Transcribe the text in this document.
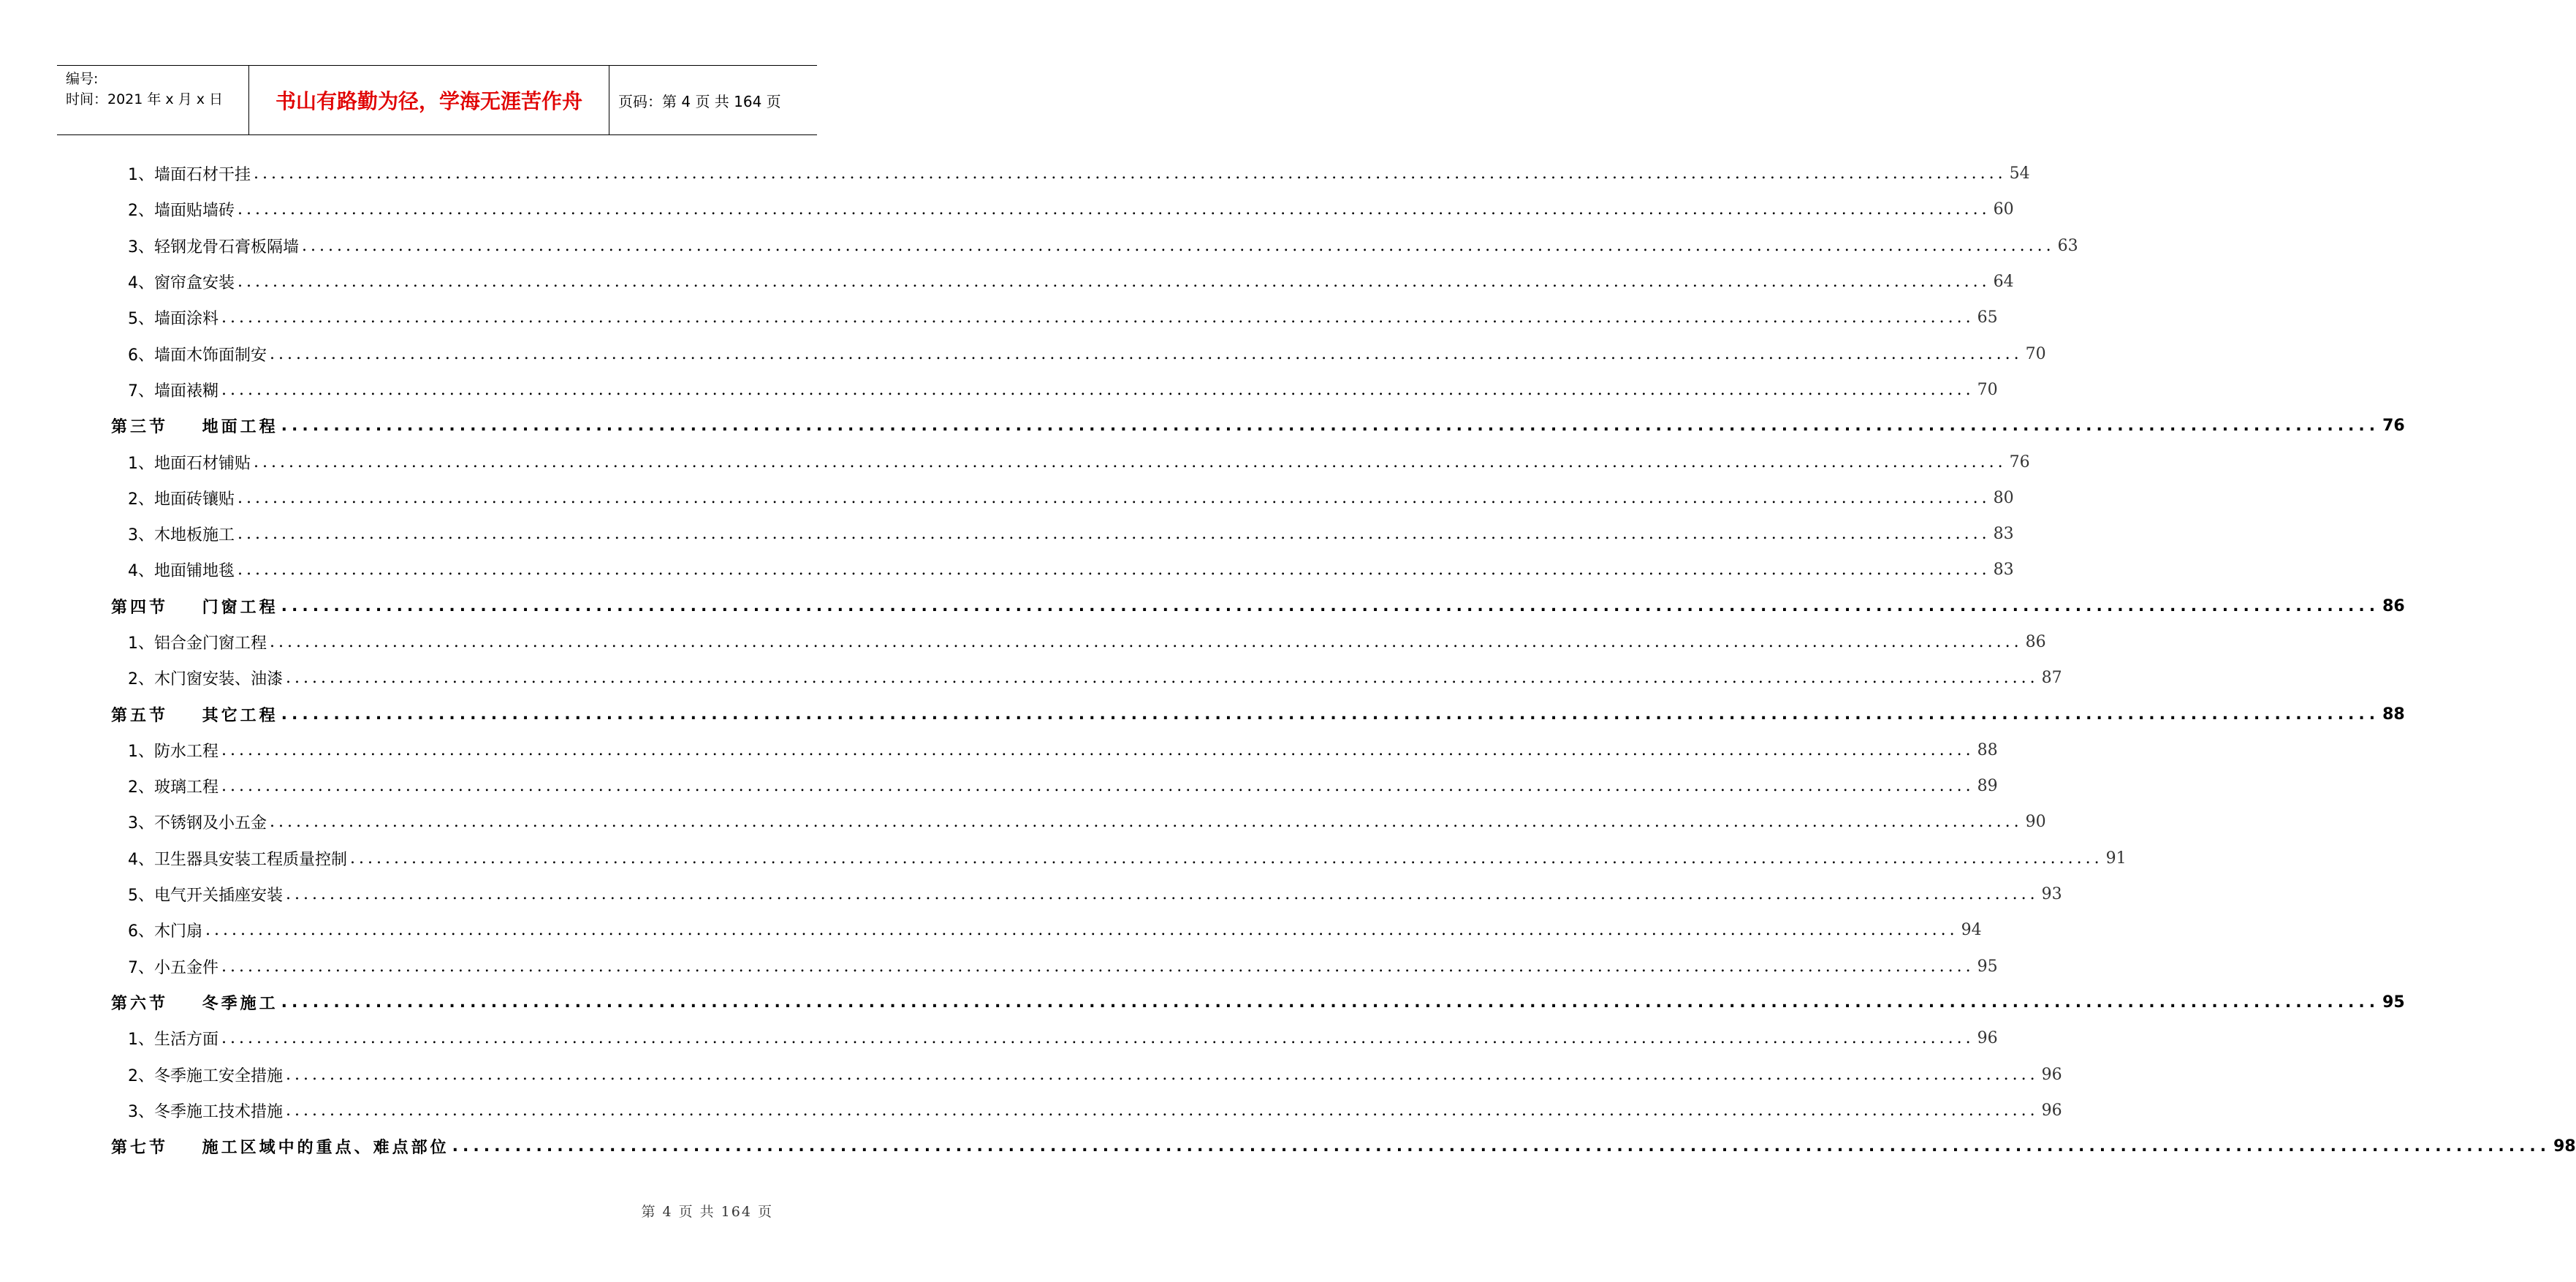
编号:
时间：2021 年 x 月 x 日	书山有路勤为径，学海无涯苦作舟	页码：第 4 页 共 164 页
1、墙面石材干挂 ........................................................................................................................................................................................................ 54
2、墙面贴墙砖 ........................................................................................................................................................................................................ 60
3、轻钢龙骨石膏板隔墙 ........................................................................................................................................................................................................ 63
4、窗帘盒安装 ........................................................................................................................................................................................................ 64
5、墙面涂料 ........................................................................................................................................................................................................ 65
6、墙面木饰面制安 ........................................................................................................................................................................................................ 70
7、墙面裱糊 ........................................................................................................................................................................................................ 70
第三节    地面工程 ........................................................................................................................................................................................................ 76
1、地面石材铺贴 ........................................................................................................................................................................................................ 76
2、地面砖镶贴 ........................................................................................................................................................................................................ 80
3、木地板施工 ........................................................................................................................................................................................................ 83
4、地面铺地毯 ........................................................................................................................................................................................................ 83
第四节    门窗工程 ........................................................................................................................................................................................................ 86
1、铝合金门窗工程 ........................................................................................................................................................................................................ 86
2、木门窗安装、油漆 ........................................................................................................................................................................................................ 87
第五节    其它工程 ........................................................................................................................................................................................................ 88
1、防水工程 ........................................................................................................................................................................................................ 88
2、玻璃工程 ........................................................................................................................................................................................................ 89
3、不锈钢及小五金 ........................................................................................................................................................................................................ 90
4、卫生器具安装工程质量控制 ........................................................................................................................................................................................................ 91
5、电气开关插座安装 ........................................................................................................................................................................................................ 93
6、木门扇 ........................................................................................................................................................................................................ 94
7、小五金件 ........................................................................................................................................................................................................ 95
第六节    冬季施工 ........................................................................................................................................................................................................ 95
1、生活方面 ........................................................................................................................................................................................................ 96
2、冬季施工安全措施 ........................................................................................................................................................................................................ 96
3、冬季施工技术措施 ........................................................................................................................................................................................................ 96
第七节    施工区域中的重点、难点部位 ........................................................................................................................................................................................................ 98
第 4 页 共 164 页
